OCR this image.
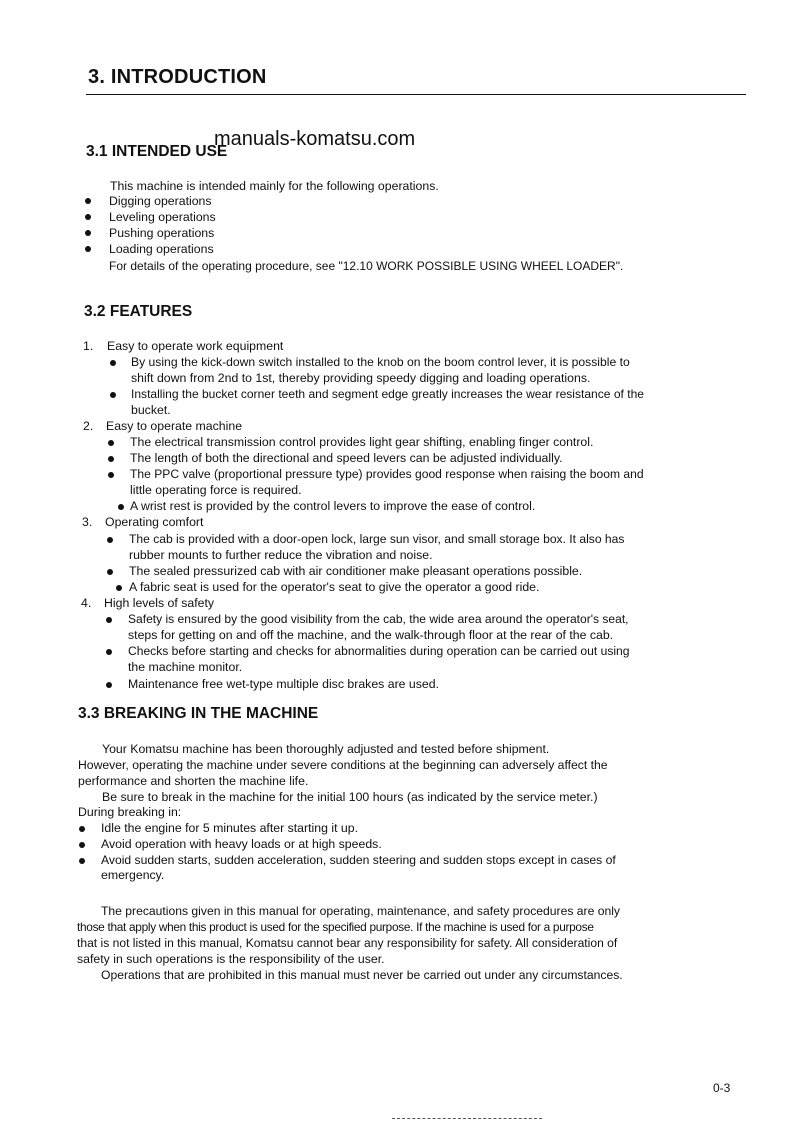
3. INTRODUCTION
3.1 INTENDED USE
manuals-komatsu.com
This machine is intended mainly for the following operations.
Digging operations
Leveling operations
Pushing operations
Loading operations
For details of the operating procedure, see "12.10 WORK POSSIBLE USING WHEEL LOADER".
3.2 FEATURES
1. Easy to operate work equipment
By using the kick-down switch installed to the knob on the boom control lever, it is possible to
shift down from 2nd to 1st, thereby providing speedy digging and loading operations.
Installing the bucket corner teeth and segment edge greatly increases the wear resistance of the
bucket.
2. Easy to operate machine
The electrical transmission control provides light gear shifting, enabling finger control.
The length of both the directional and speed levers can be adjusted individually.
The PPC valve (proportional pressure type) provides good response when raising the boom and
little operating force is required.
A wrist rest is provided by the control levers to improve the ease of control.
3. Operating comfort
The cab is provided with a door-open lock, large sun visor, and small storage box. It also has
rubber mounts to further reduce the vibration and noise.
The sealed pressurized cab with air conditioner make pleasant operations possible.
A fabric seat is used for the operator's seat to give the operator a good ride.
4. High levels of safety
Safety is ensured by the good visibility from the cab, the wide area around the operator's seat,
steps for getting on and off the machine, and the walk-through floor at the rear of the cab.
Checks before starting and checks for abnormalities during operation can be carried out using
the machine monitor.
Maintenance free wet-type multiple disc brakes are used.
3.3 BREAKING IN THE MACHINE
Your Komatsu machine has been thoroughly adjusted and tested before shipment.
However, operating the machine under severe conditions at the beginning can adversely affect the
performance and shorten the machine life.
Be sure to break in the machine for the initial 100 hours (as indicated by the service meter.)
During breaking in:
Idle the engine for 5 minutes after starting it up.
Avoid operation with heavy loads or at high speeds.
Avoid sudden starts, sudden acceleration, sudden steering and sudden stops except in cases of
emergency.
The precautions given in this manual for operating, maintenance, and safety procedures are only
those that apply when this product is used for the specified purpose. If the machine is used for a purpose
that is not listed in this manual, Komatsu cannot bear any responsibility for safety. All consideration of
safety in such operations is the responsibility of the user.
Operations that are prohibited in this manual must never be carried out under any circumstances.
0-3
